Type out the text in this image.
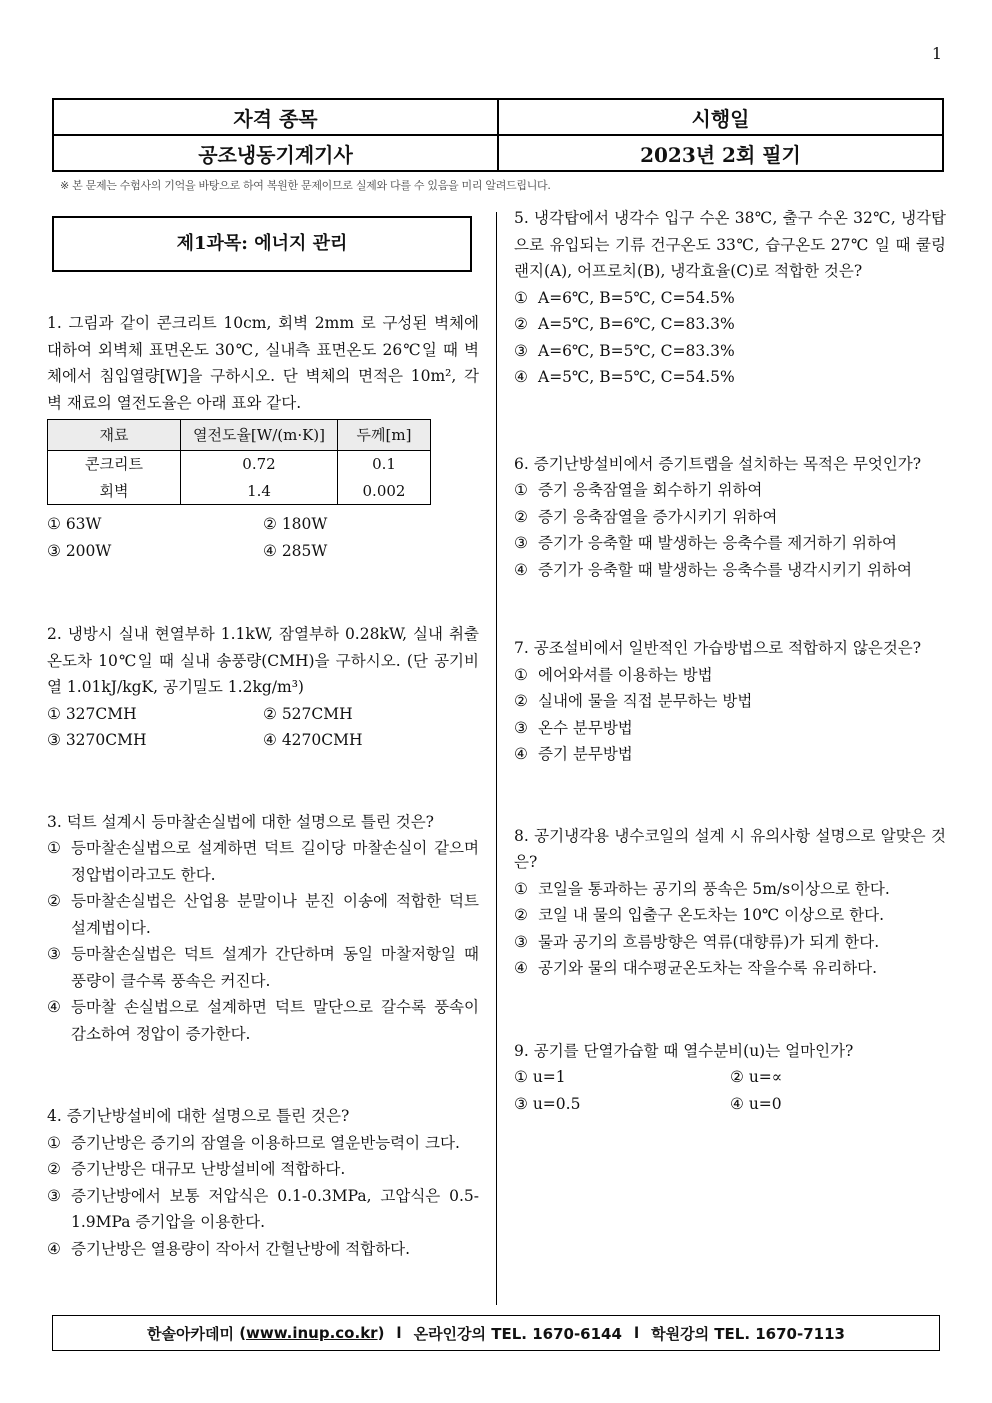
1
자격 종목	시행일
공조냉동기계기사	2023년 2회 필기
※ 본 문제는 수험사의 기억을 바탕으로 하여 복원한 문제이므로 실제와 다를 수 있음을 미리 알려드립니다.
제1과목: 에너지 관리
1. 그림과 같이 콘크리트 10cm, 회벽 2mm 로 구성된 벽체에 대하여 외벽체 표면온도 30℃, 실내측 표면온도 26℃일 때 벽체에서 침입열량[W]을 구하시오. 단 벽체의 면적은 10m², 각 벽 재료의 열전도율은 아래 표와 같다.
재료	열전도율[W/(m·K)]	두께[m]
콘크리트	0.72	0.1
회벽	1.4	0.002
① 63W	② 180W
③ 200W	④ 285W
2. 냉방시 실내 현열부하 1.1kW, 잠열부하 0.28kW, 실내 취출온도차 10℃일 때 실내 송풍량(CMH)을 구하시오. (단 공기비열 1.01kJ/kgK, 공기밀도 1.2kg/m³)
① 327CMH	② 527CMH
③ 3270CMH	④ 4270CMH
3. 덕트 설계시 등마찰손실법에 대한 설명으로 틀린 것은?
① 등마찰손실법으로 설계하면 덕트 길이당 마찰손실이 같으며 정압법이라고도 한다.
② 등마찰손실법은 산업용 분말이나 분진 이송에 적합한 덕트 설계법이다.
③ 등마찰손실법은 덕트 설계가 간단하며 동일 마찰저항일 때 풍량이 클수록 풍속은 커진다.
④ 등마찰 손실법으로 설계하면 덕트 말단으로 갈수록 풍속이 감소하여 정압이 증가한다.
4. 증기난방설비에 대한 설명으로 틀린 것은?
① 증기난방은 증기의 잠열을 이용하므로 열운반능력이 크다.
② 증기난방은 대규모 난방설비에 적합하다.
③ 증기난방에서 보통 저압식은 0.1-0.3MPa, 고압식은 0.5-1.9MPa 증기압을 이용한다.
④ 증기난방은 열용량이 작아서 간헐난방에 적합하다.
5. 냉각탑에서 냉각수 입구 수온 38℃, 출구 수온 32℃, 냉각탑으로 유입되는 기류 건구온도 33℃, 습구온도 27℃ 일 때 쿨링랜지(A), 어프로치(B), 냉각효율(C)로 적합한 것은?
① A=6℃, B=5℃, C=54.5%
② A=5℃, B=6℃, C=83.3%
③ A=6℃, B=5℃, C=83.3%
④ A=5℃, B=5℃, C=54.5%
6. 증기난방설비에서 증기트랩을 설치하는 목적은 무엇인가?
① 증기 응축잠열을 회수하기 위하여
② 증기 응축잠열을 증가시키기 위하여
③ 증기가 응축할 때 발생하는 응축수를 제거하기 위하여
④ 증기가 응축할 때 발생하는 응축수를 냉각시키기 위하여
7. 공조설비에서 일반적인 가습방법으로 적합하지 않은것은?
① 에어와셔를 이용하는 방법
② 실내에 물을 직접 분무하는 방법
③ 온수 분무방법
④ 증기 분무방법
8. 공기냉각용 냉수코일의 설계 시 유의사항 설명으로 알맞은 것은?
① 코일을 통과하는 공기의 풍속은 5m/s이상으로 한다.
② 코일 내 물의 입출구 온도차는 10℃ 이상으로 한다.
③ 물과 공기의 흐름방향은 역류(대향류)가 되게 한다.
④ 공기와 물의 대수평균온도차는 작을수록 유리하다.
9. 공기를 단열가습할 때 열수분비(u)는 얼마인가?
① u=1	② u=∝
③ u=0.5	④ u=0
한솔아카데미 ( www.inup.co.kr ) l 온라인강의 TEL. 1670-6144 l 학원강의 TEL. 1670-7113
